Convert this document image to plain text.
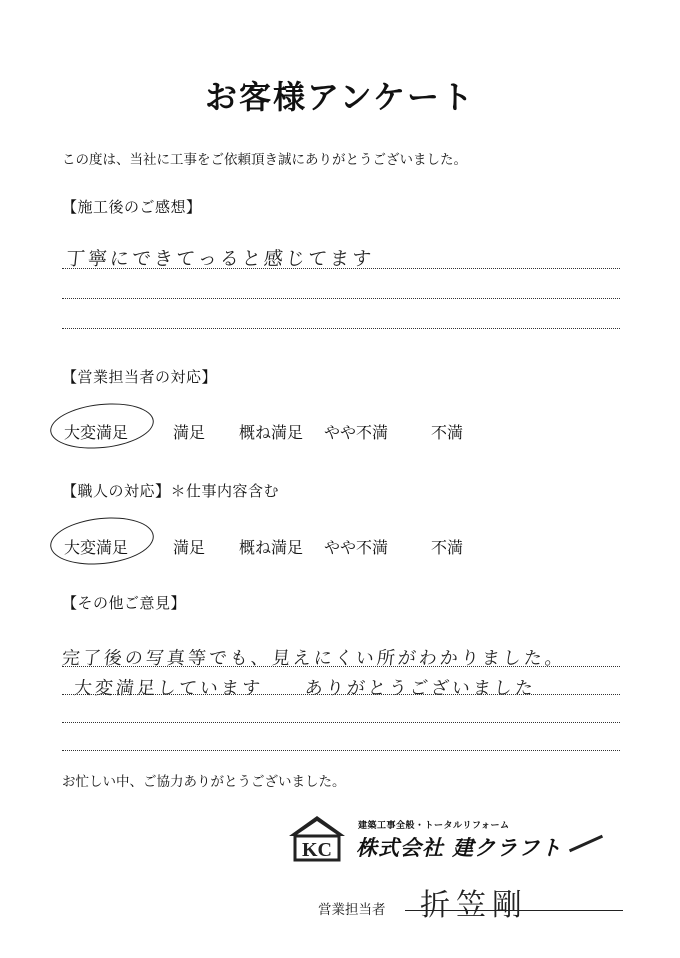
お客様アンケート
この度は、当社に工事をご依頼頂き誠にありがとうございました。
【施工後のご感想】
丁寧にできてっると感じてます
【営業担当者の対応】
大変満足	満足 概ね満足 やや不満	不満
【職人の対応】＊仕事内容含む
大変満足	満足 概ね満足 やや不満	不満
【その他ご意見】
完了後の写真等でも、見えにくい所がわかりました。
大変満足しています　　ありがとうございました
お忙しい中、ご協力ありがとうございました。
KC
建築工事全般・トータルリフォーム
株式会社 建クラフト
営業担当者 折笠剛
